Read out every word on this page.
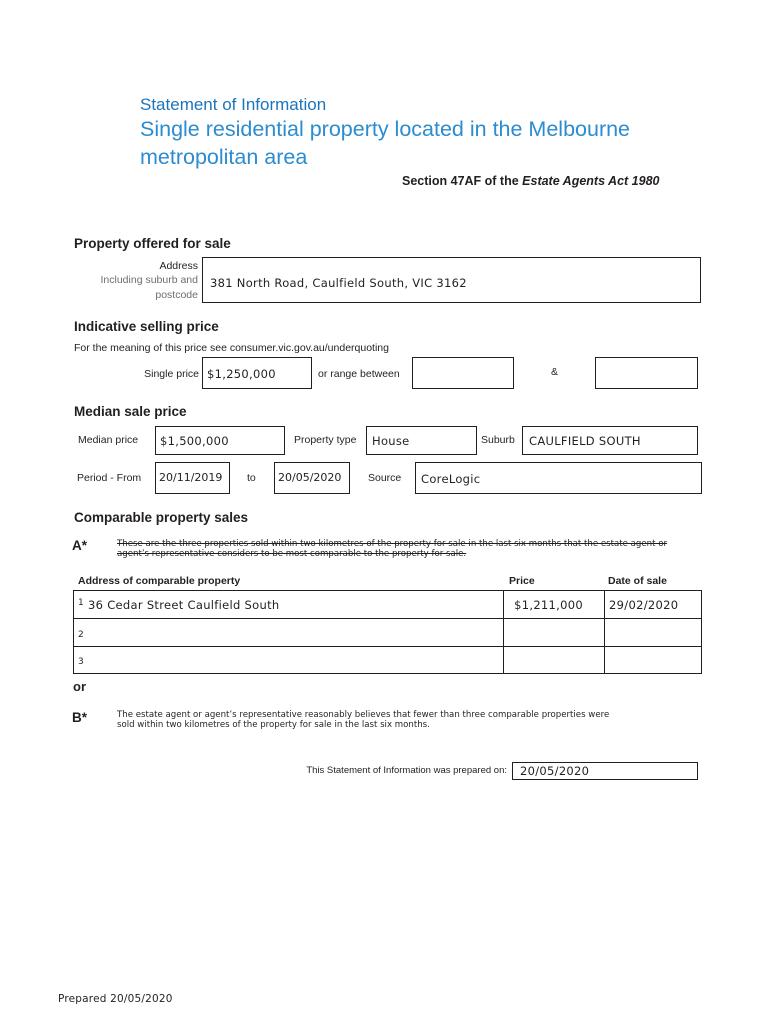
Statement of Information
Single residential property located in the Melbourne
metropolitan area
Section 47AF of the Estate Agents Act 1980
Property offered for sale
Address
Including suburb and
postcode
381 North Road, Caulfield South, VIC 3162
Indicative selling price
For the meaning of this price see consumer.vic.gov.au/underquoting
Single price $1,250,000	or range between	&
Median sale price
Median price $1,500,000	Property type House	Suburb CAULFIELD SOUTH
Period - From 20/11/2019 to 20/05/2020	Source CoreLogic
Comparable property sales
A*	These are the three properties sold within two kilometres of the property for sale in the last six months that the estate agent or agent’s representative considers to be most comparable to the property for sale.
Address of comparable property	Price	Date of sale
$^1$ 36 Cedar Street Caulfield South	$1,211,000	29/02/2020
2		
3		
or
B*	The estate agent or agent’s representative reasonably believes that fewer than three comparable properties were
sold within two kilometres of the property for sale in the last six months.
This Statement of Information was prepared on: 20/05/2020
Prepared 20/05/2020
